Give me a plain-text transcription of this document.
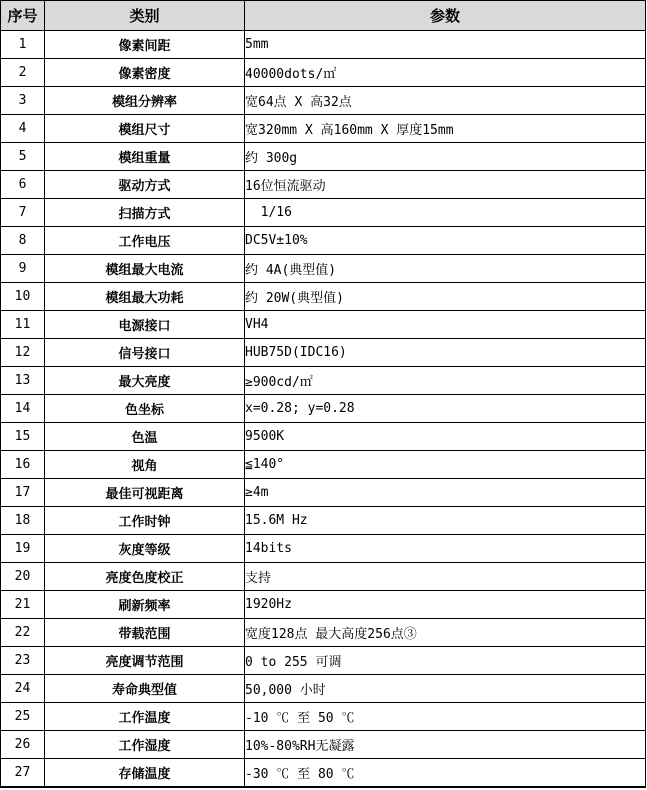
序号	类别	参数
1	像素间距	5mm
2	像素密度	40000dots/㎡
3	模组分辨率	宽64点 X 高32点
4	模组尺寸	宽320mm X 高160mm X 厚度15mm
5	模组重量	约 300g
6	驱动方式	16位恒流驱动
7	扫描方式	1/16
8	工作电压	DC5V±10%
9	模组最大电流	约 4A(典型值)
10	模组最大功耗	约 20W(典型值)
11	电源接口	VH4
12	信号接口	HUB75D(IDC16)
13	最大亮度	≥900cd/㎡
14	色坐标	x=0.28; y=0.28
15	色温	9500K
16	视角	≦140°
17	最佳可视距离	≥4m
18	工作时钟	15.6M Hz
19	灰度等级	14bits
20	亮度色度校正	支持
21	刷新频率	1920Hz
22	带载范围	宽度128点 最大高度256点③
23	亮度调节范围	0 to 255 可调
24	寿命典型值	50,000 小时
25	工作温度	-10 ℃ 至 50 ℃
26	工作湿度	10%-80%RH无凝露
27	存储温度	-30 ℃ 至 80 ℃
